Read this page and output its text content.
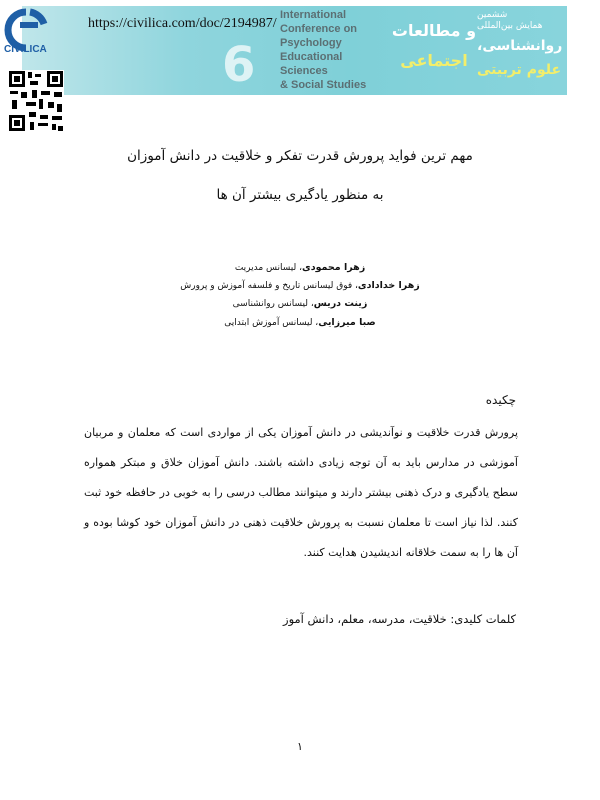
6
International
Conference on
Psychology
Educational
Sciences
& Social Studies
و مطالعات
اجتماعی
ششمین
همایش بین‌المللی
روانشناسی،
علوم تربیتی
CIVILICA
https://civilica.com/doc/2194987/
مهم ترین فواید پرورش قدرت تفکر و خلاقیت در دانش آموزان
به منظور یادگیری بیشتر آن ها
زهرا محمودی، لیسانس مدیریت
زهرا خدادادی، فوق لیسانس تاریخ و فلسفه آموزش و پرورش
زینت دریس، لیسانس روانشناسی
صبا میرزایی، لیسانس آموزش ابتدایی
چکیده
پرورش قدرت خلاقیت و نوآندیشی در دانش آموزان یکی از مواردی است که معلمان و مربیان آموزشی در مدارس باید به آن توجه زیادی داشته باشند. دانش آموزان خلاق و مبتکر همواره سطح یادگیری و درک ذهنی بیشتر دارند و میتوانند مطالب درسی را به خوبی در حافظه خود ثبت کنند. لذا نیاز است تا معلمان نسبت به پرورش خلاقیت ذهنی در دانش آموزان خود کوشا بوده و آن ها را به سمت خلاقانه اندیشیدن هدایت کنند.
کلمات کلیدی: خلاقیت، مدرسه، معلم، دانش آموز
۱
